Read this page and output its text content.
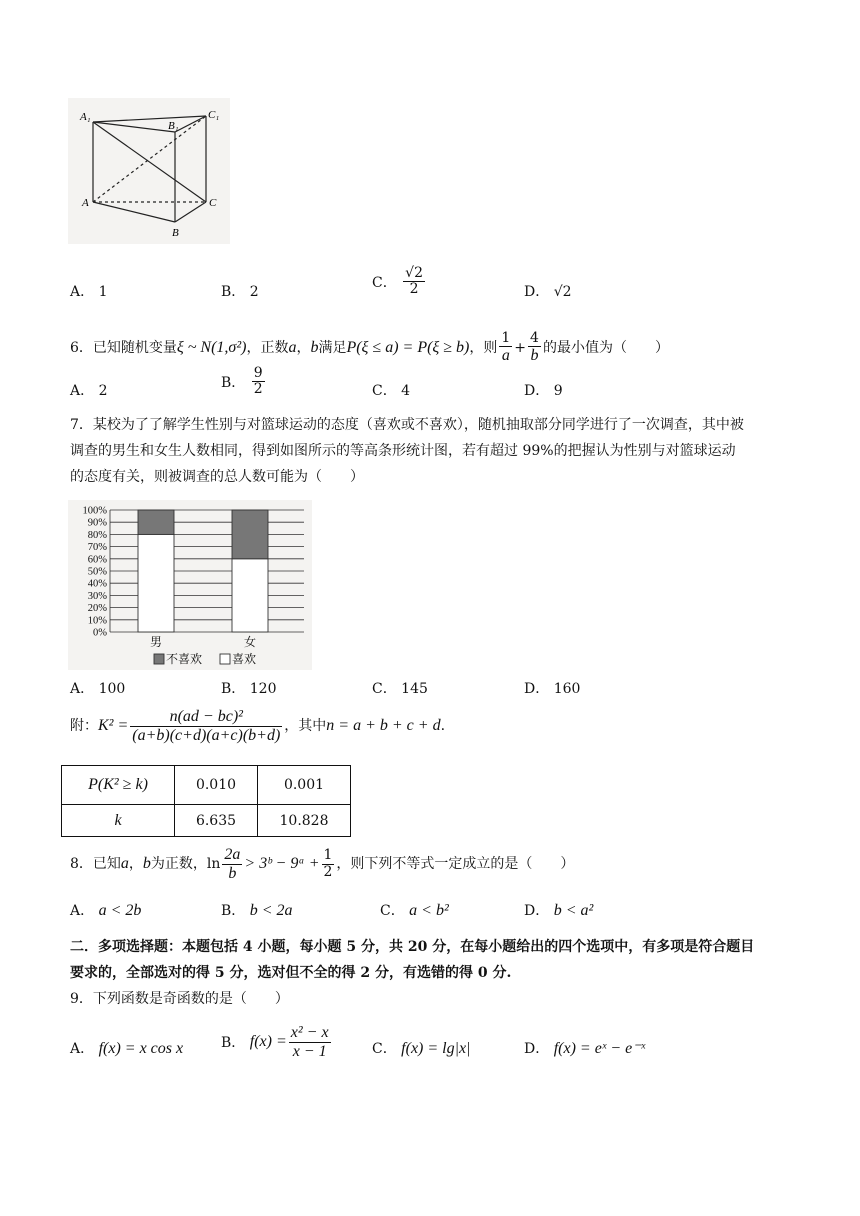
A₁
B₁
C₁
A	C
B
A． 1	B． 2
C． $\frac{√2}{2}$	D． √2
6．已知随机变量ξ ~ N(1,σ²)，正数a，b满足P(ξ ≤ a) = P(ξ ≥ b)，则 $\frac{1}{a} + \frac{4}{b}$ 的最小值为（　　）
A． 2
B． $\frac{9}{2}$	C． 4	D． 9
7．某校为了了解学生性别与对篮球运动的态度（喜欢或不喜欢），随机抽取部分同学进行了一次调查，其中被
调查的男生和女生人数相同，得到如图所示的等高条形统计图，若有超过 99%的把握认为性别与对篮球运动
的态度有关，则被调查的总人数可能为（　　）
0%
10%
20%
30%
40%
50%
60%
70%
80%
90%
100%
男	女
不喜欢 喜欢
A． 100	B． 120	C． 145	D． 160
附：$K^2 = \frac{\text{n(ad − bc)²}}{(a+b)(c+d)(a+c)(b+d)}$ ，其中n = a + b + c + d.
P(K² ≥ k)	0.010	0.001
k	6.635	10.828
8．已知a，b为正数，$\ln \frac{2a}{b}$ > 3ᵇ − 9ᵃ + $\frac{1}{2}$ ，则下列不等式一定成立的是（　　）
A． a < 2b	B． b < 2a	C． a < b²	D． b < a²
二．多项选择题：本题包括 4 小题，每小题 5 分，共 20 分，在每小题给出的四个选项中，有多项是符合题目
要求的，全部选对的得 5 分，选对但不全的得 2 分，有选错的得 0 分.
9．下列函数是奇函数的是（　　）
A． f(x) = x cos x	B． $f(x) = \frac{\text{x² − x}}{x - 1}$	C． f(x) = lg|x|	D． f(x) = eˣ − e⁻ˣ
